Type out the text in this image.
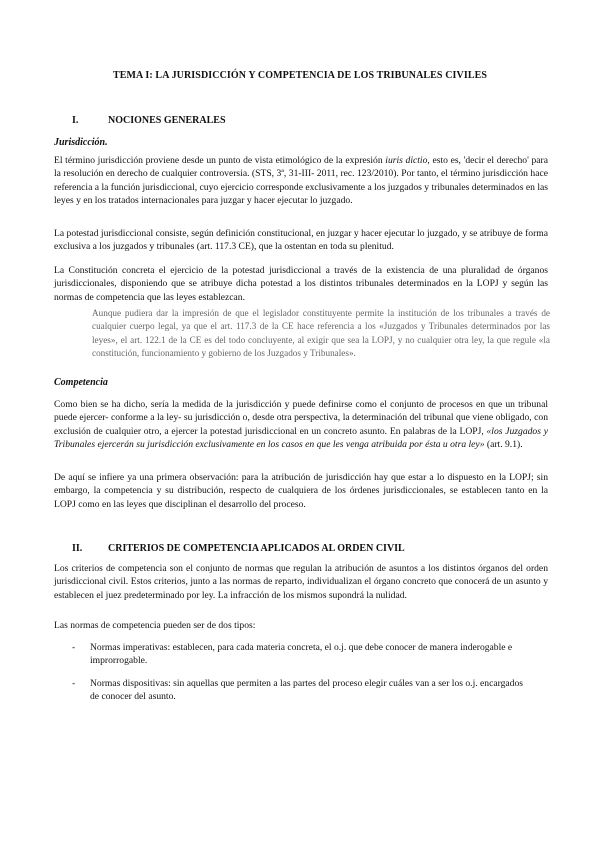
TEMA I: LA JURISDICCIÓN Y COMPETENCIA DE LOS TRIBUNALES CIVILES
I.	NOCIONES GENERALES
Jurisdicción.
El término jurisdicción proviene desde un punto de vista etimológico de la expresión iuris dictio, esto es, 'decir el derecho' para la resolución en derecho de cualquier controversia. (STS, 3ª, 31-III- 2011, rec. 123/2010). Por tanto, el término jurisdicción hace referencia a la función jurisdiccional, cuyo ejercicio corresponde exclusivamente a los juzgados y tribunales determinados en las leyes y en los tratados internacionales para juzgar y hacer ejecutar lo juzgado.
La potestad jurisdiccional consiste, según definición constitucional, en juzgar y hacer ejecutar lo juzgado, y se atribuye de forma exclusiva a los juzgados y tribunales (art. 117.3 CE), que la ostentan en toda su plenitud.
La Constitución concreta el ejercicio de la potestad jurisdiccional a través de la existencia de una pluralidad de órganos jurisdiccionales, disponiendo que se atribuye dicha potestad a los distintos tribunales determinados en la LOPJ y según las normas de competencia que las leyes establezcan.
Aunque pudiera dar la impresión de que el legislador constituyente permite la institución de los tribunales a través de cualquier cuerpo legal, ya que el art. 117.3 de la CE hace referencia a los «Juzgados y Tribunales determinados por las leyes», el art. 122.1 de la CE es del todo concluyente, al exigir que sea la LOPJ, y no cualquier otra ley, la que regule «la constitución, funcionamiento y gobierno de los Juzgados y Tribunales».
Competencia
Como bien se ha dicho, sería la medida de la jurisdicción y puede definirse como el conjunto de procesos en que un tribunal puede ejercer- conforme a la ley- su jurisdicción o, desde otra perspectiva, la determinación del tribunal que viene obligado, con exclusión de cualquier otro, a ejercer la potestad jurisdiccional en un concreto asunto. En palabras de la LOPJ, «los Juzgados y Tribunales ejercerán su jurisdicción exclusivamente en los casos en que les venga atribuida por ésta u otra ley» (art. 9.1).
De aquí se infiere ya una primera observación: para la atribución de jurisdicción hay que estar a lo dispuesto en la LOPJ; sin embargo, la competencia y su distribución, respecto de cualquiera de los órdenes jurisdiccionales, se establecen tanto en la LOPJ como en las leyes que disciplinan el desarrollo del proceso.
II.	CRITERIOS DE COMPETENCIA APLICADOS AL ORDEN CIVIL
Los criterios de competencia son el conjunto de normas que regulan la atribución de asuntos a los distintos órganos del orden jurisdiccional civil. Estos criterios, junto a las normas de reparto, individualizan el órgano concreto que conocerá de un asunto y establecen el juez predeterminado por ley. La infracción de los mismos supondrá la nulidad.
Las normas de competencia pueden ser de dos tipos:
- Normas imperativas: establecen, para cada materia concreta, el o.j. que debe conocer de manera inderogable e improrrogable.
- Normas dispositivas: sin aquellas que permiten a las partes del proceso elegir cuáles van a ser los o.j. encargados de conocer del asunto.
